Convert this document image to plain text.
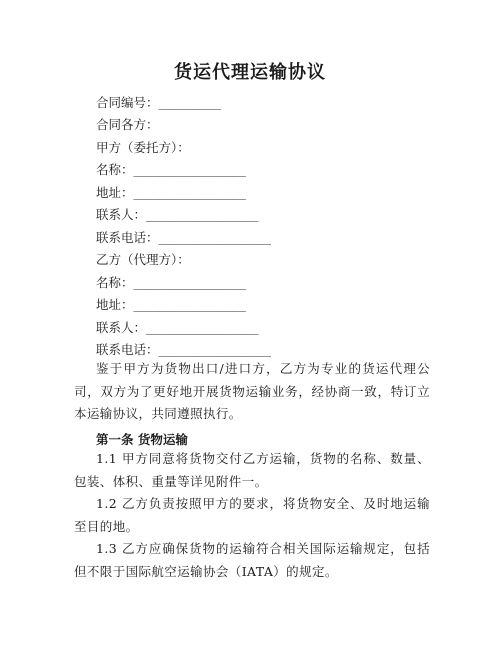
货运代理运输协议
合同编号：__________
合同各方：
甲方（委托方）：
名称：__________________
地址：__________________
联系人：__________________
联系电话：__________________
乙方（代理方）：
名称：__________________
地址：__________________
联系人：__________________
联系电话：__________________
鉴于甲方为货物出口/进口方，乙方为专业的货运代理公司，双方为了更好地开展货物运输业务，经协商一致，特订立本运输协议，共同遵照执行。
第一条 货物运输
1.1 甲方同意将货物交付乙方运输，货物的名称、数量、包装、体积、重量等详见附件一。
1.2 乙方负责按照甲方的要求，将货物安全、及时地运输至目的地。
1.3 乙方应确保货物的运输符合相关国际运输规定，包括但不限于国际航空运输协会（IATA）的规定。
